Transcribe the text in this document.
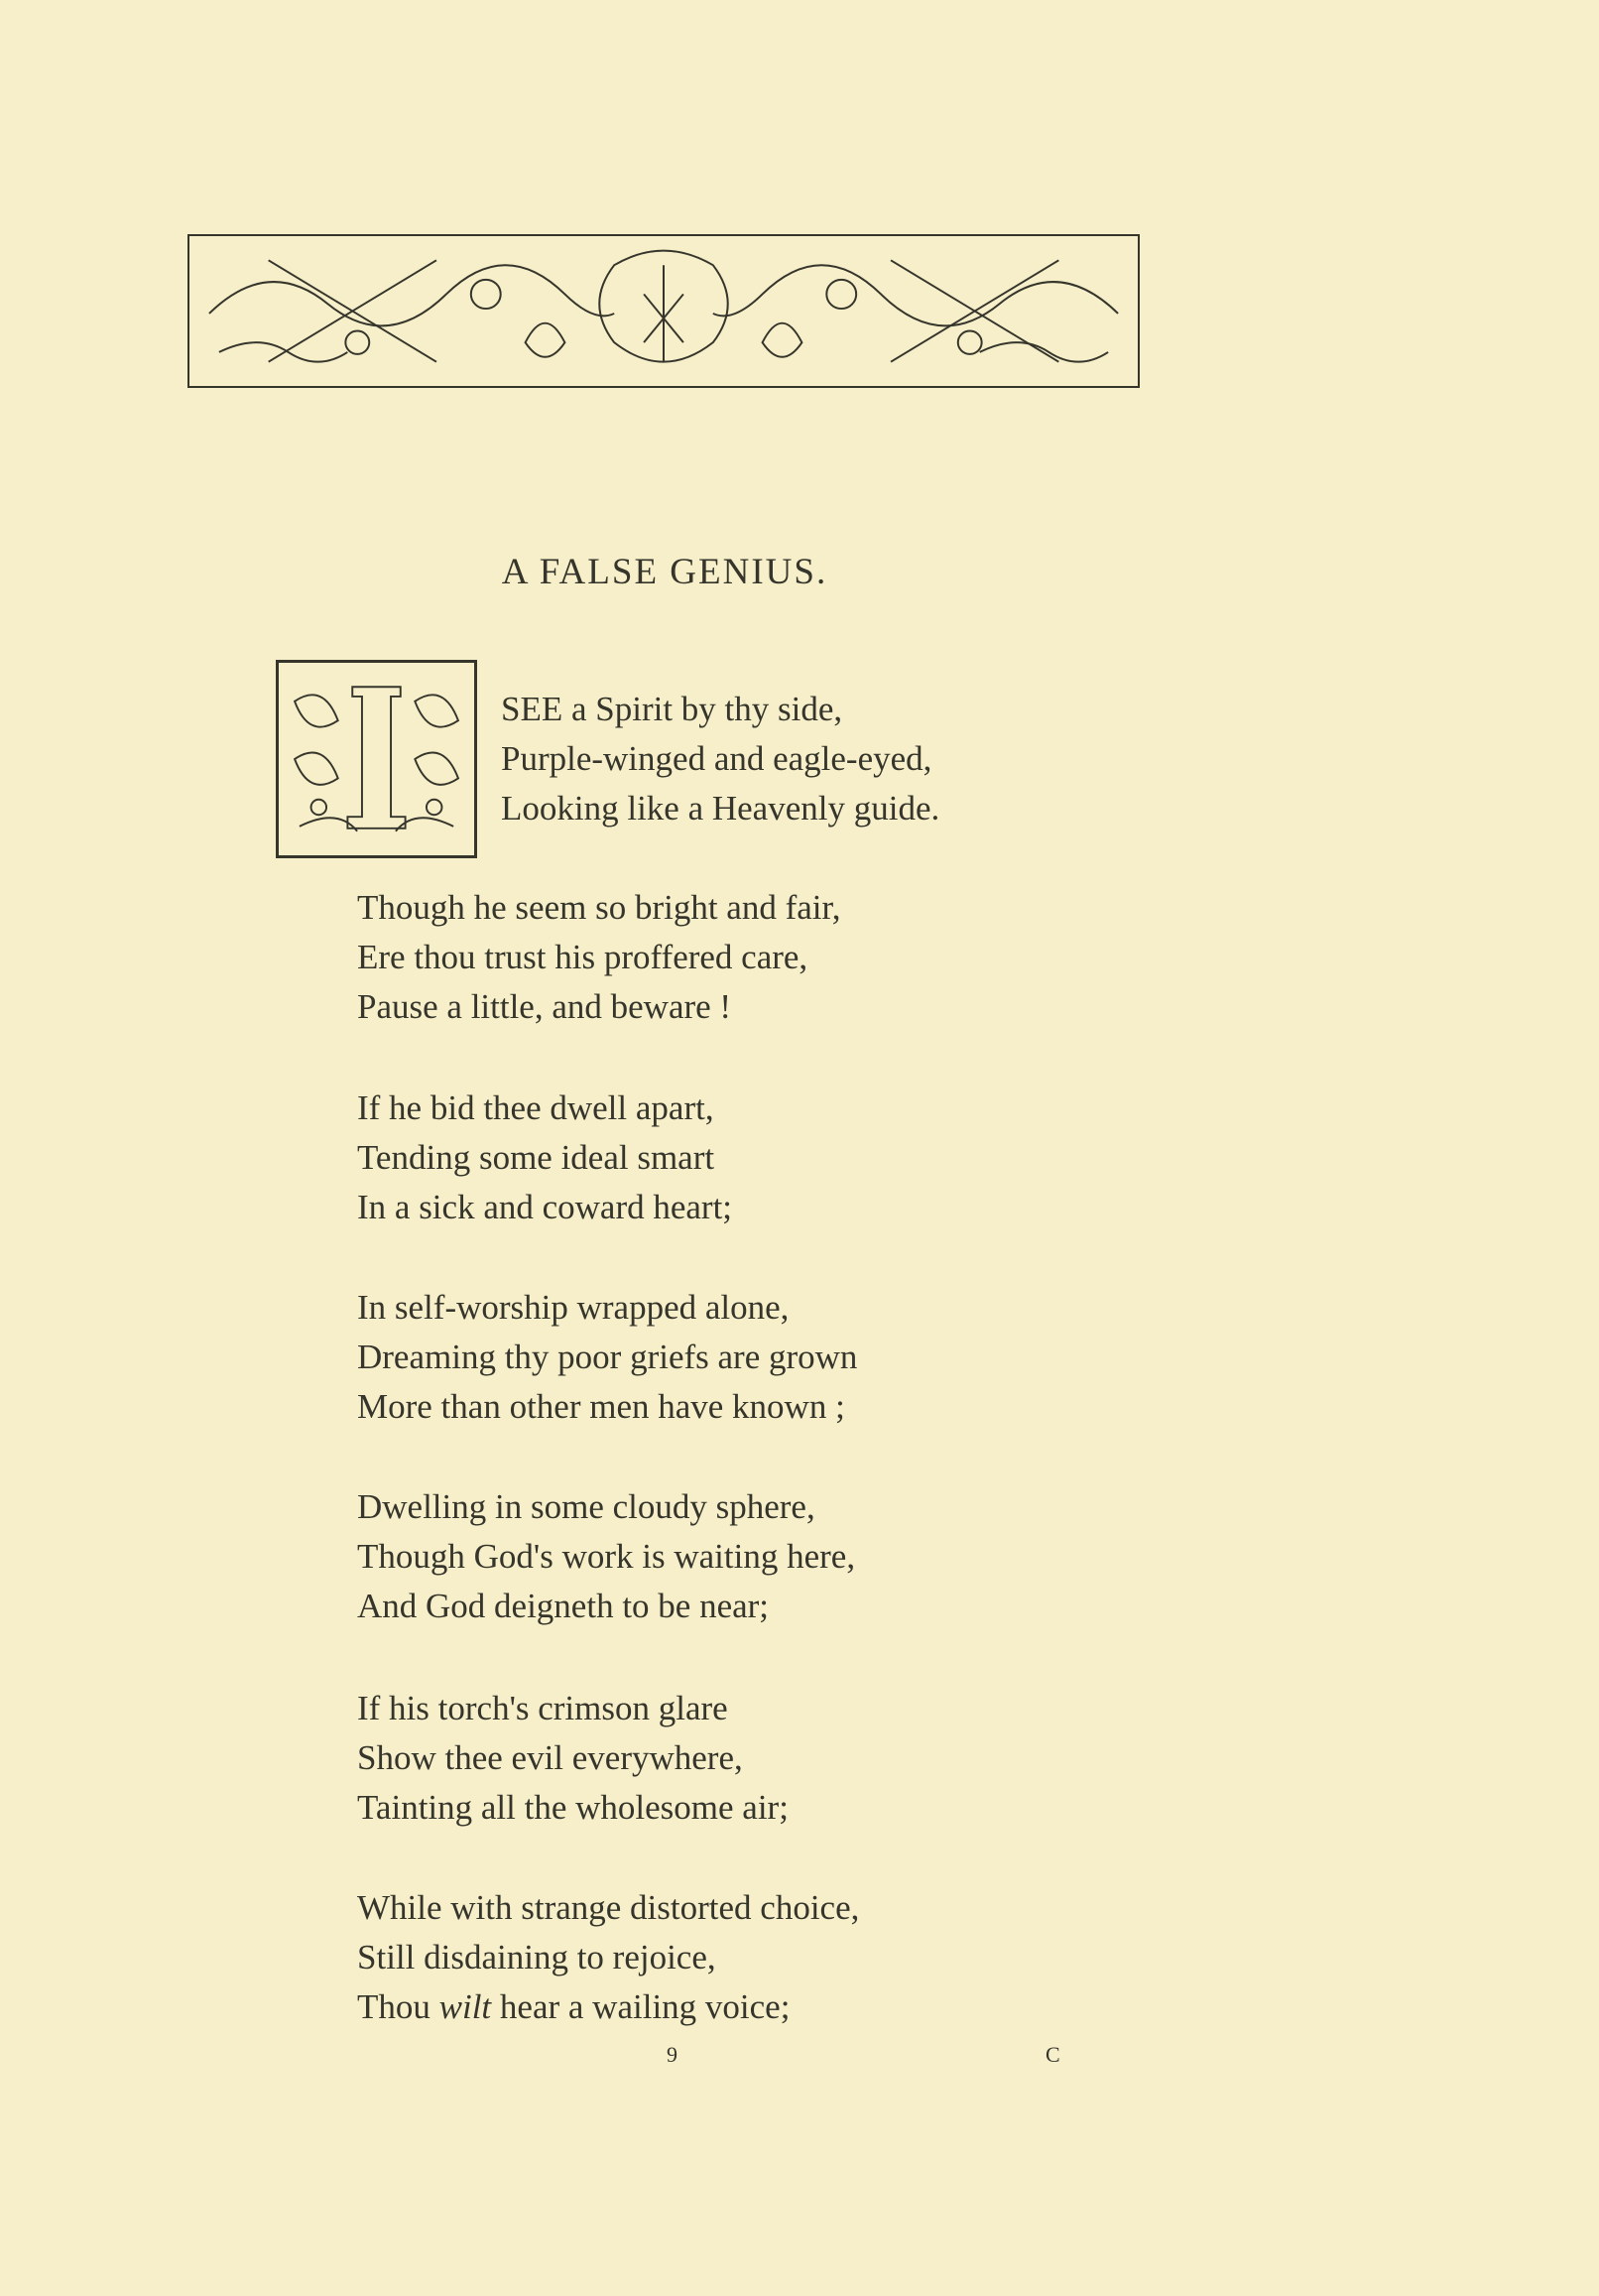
A FALSE GENIUS.
SEE a Spirit by thy side,
Purple-winged and eagle-eyed,
Looking like a Heavenly guide.
Though he seem so bright and fair,
Ere thou trust his proffered care,
Pause a little, and beware !
If he bid thee dwell apart,
Tending some ideal smart
In a sick and coward heart;
In self-worship wrapped alone,
Dreaming thy poor griefs are grown
More than other men have known ;
Dwelling in some cloudy sphere,
Though God's work is waiting here,
And God deigneth to be near;
If his torch's crimson glare
Show thee evil everywhere,
Tainting all the wholesome air;
While with strange distorted choice,
Still disdaining to rejoice,
Thou wilt hear a wailing voice;
9	C
